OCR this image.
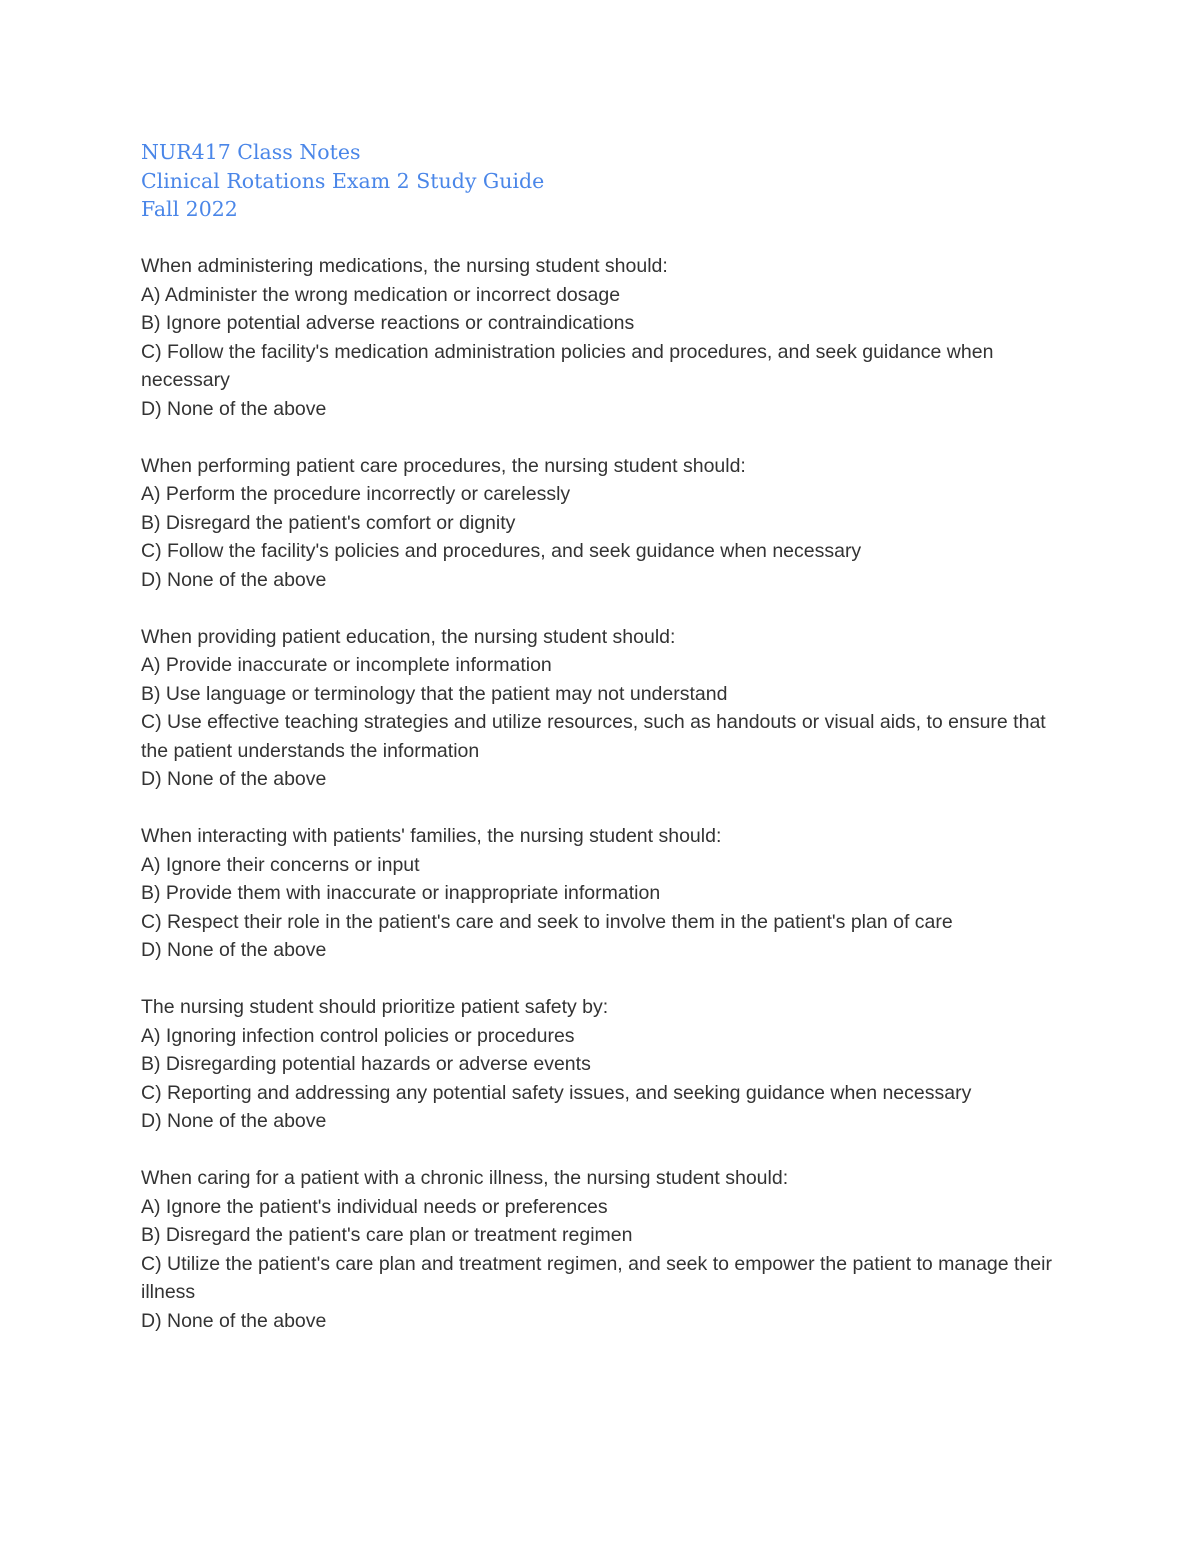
NUR417 Class Notes
Clinical Rotations Exam 2 Study Guide
Fall 2022
When administering medications, the nursing student should:
A) Administer the wrong medication or incorrect dosage
B) Ignore potential adverse reactions or contraindications
C) Follow the facility's medication administration policies and procedures, and seek guidance when necessary
D) None of the above
When performing patient care procedures, the nursing student should:
A) Perform the procedure incorrectly or carelessly
B) Disregard the patient's comfort or dignity
C) Follow the facility's policies and procedures, and seek guidance when necessary
D) None of the above
When providing patient education, the nursing student should:
A) Provide inaccurate or incomplete information
B) Use language or terminology that the patient may not understand
C) Use effective teaching strategies and utilize resources, such as handouts or visual aids, to ensure that the patient understands the information
D) None of the above
When interacting with patients' families, the nursing student should:
A) Ignore their concerns or input
B) Provide them with inaccurate or inappropriate information
C) Respect their role in the patient's care and seek to involve them in the patient's plan of care
D) None of the above
The nursing student should prioritize patient safety by:
A) Ignoring infection control policies or procedures
B) Disregarding potential hazards or adverse events
C) Reporting and addressing any potential safety issues, and seeking guidance when necessary
D) None of the above
When caring for a patient with a chronic illness, the nursing student should:
A) Ignore the patient's individual needs or preferences
B) Disregard the patient's care plan or treatment regimen
C) Utilize the patient's care plan and treatment regimen, and seek to empower the patient to manage their illness
D) None of the above
